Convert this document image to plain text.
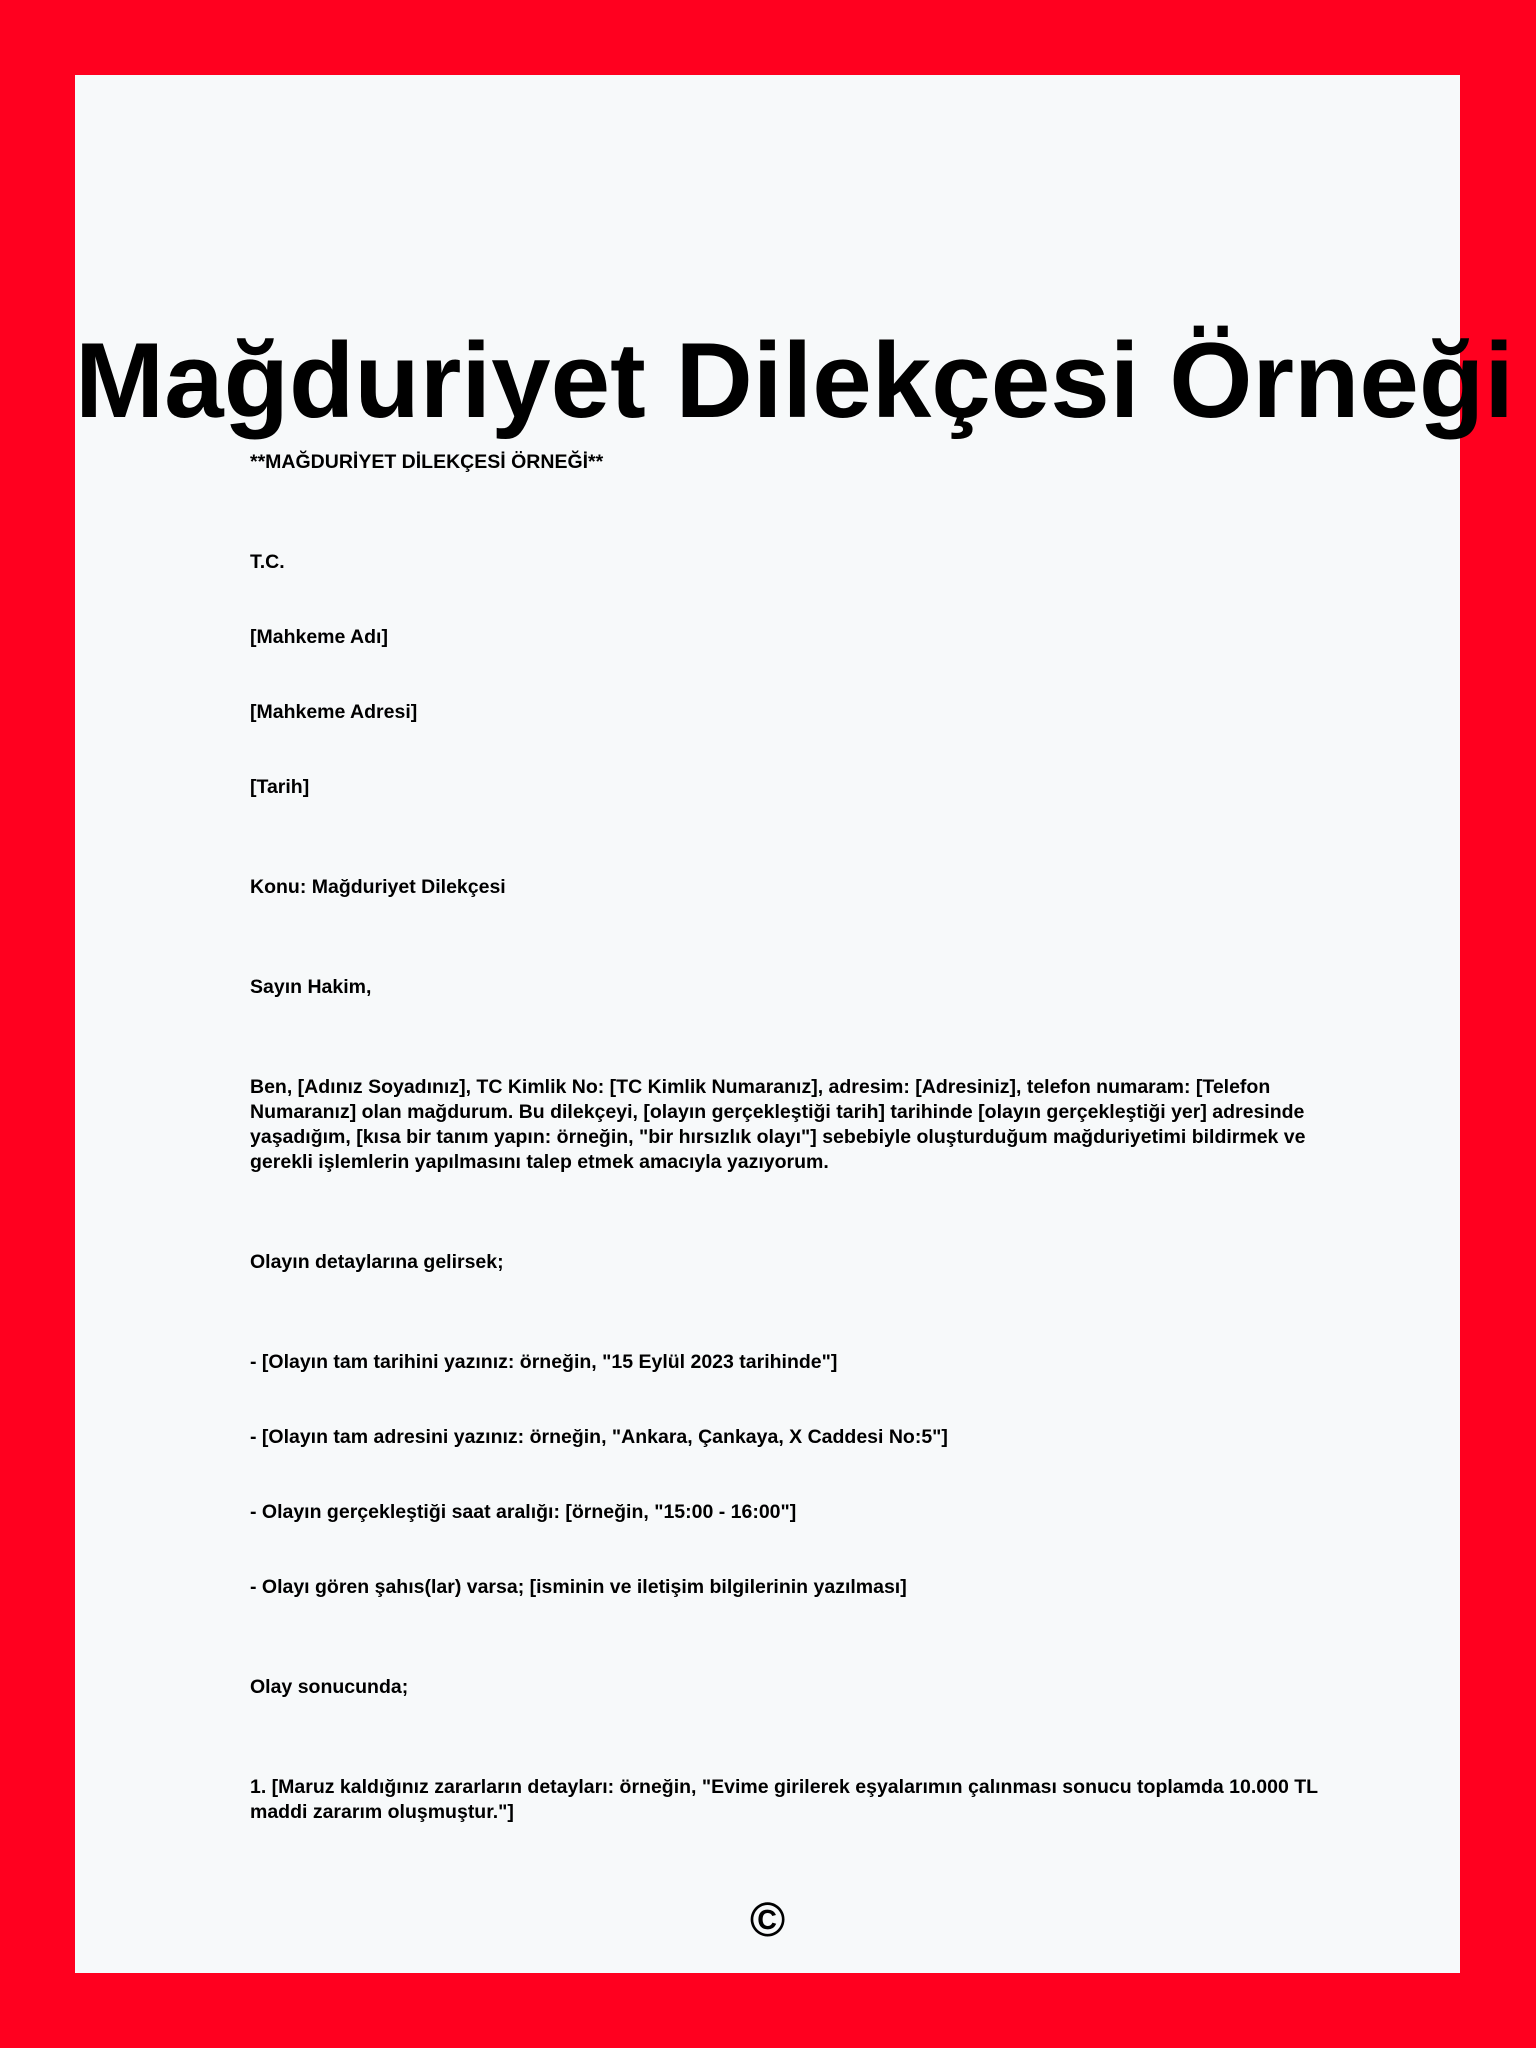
Mağduriyet Dilekçesi Örneği
**MAĞDURİYET DİLEKÇESİ ÖRNEĞİ**
T.C.
[Mahkeme Adı]
[Mahkeme Adresi]
[Tarih]
Konu: Mağduriyet Dilekçesi
Sayın Hakim,
Ben, [Adınız Soyadınız], TC Kimlik No: [TC Kimlik Numaranız], adresim: [Adresiniz], telefon numaram: [Telefon Numaranız] olan mağdurum. Bu dilekçeyi, [olayın gerçekleştiği tarih] tarihinde [olayın gerçekleştiği yer] adresinde yaşadığım, [kısa bir tanım yapın: örneğin, "bir hırsızlık olayı"] sebebiyle oluşturduğum mağduriyetimi bildirmek ve gerekli işlemlerin yapılmasını talep etmek amacıyla yazıyorum.
Olayın detaylarına gelirsek;
- [Olayın tam tarihini yazınız: örneğin, "15 Eylül 2023 tarihinde"]
- [Olayın tam adresini yazınız: örneğin, "Ankara, Çankaya, X Caddesi No:5"]
- Olayın gerçekleştiği saat aralığı: [örneğin, "15:00 - 16:00"]
- Olayı gören şahıs(lar) varsa; [isminin ve iletişim bilgilerinin yazılması]
Olay sonucunda;
1. [Maruz kaldığınız zararların detayları: örneğin, "Evime girilerek eşyalarımın çalınması sonucu toplamda 10.000 TL maddi zararım oluşmuştur."]
©
